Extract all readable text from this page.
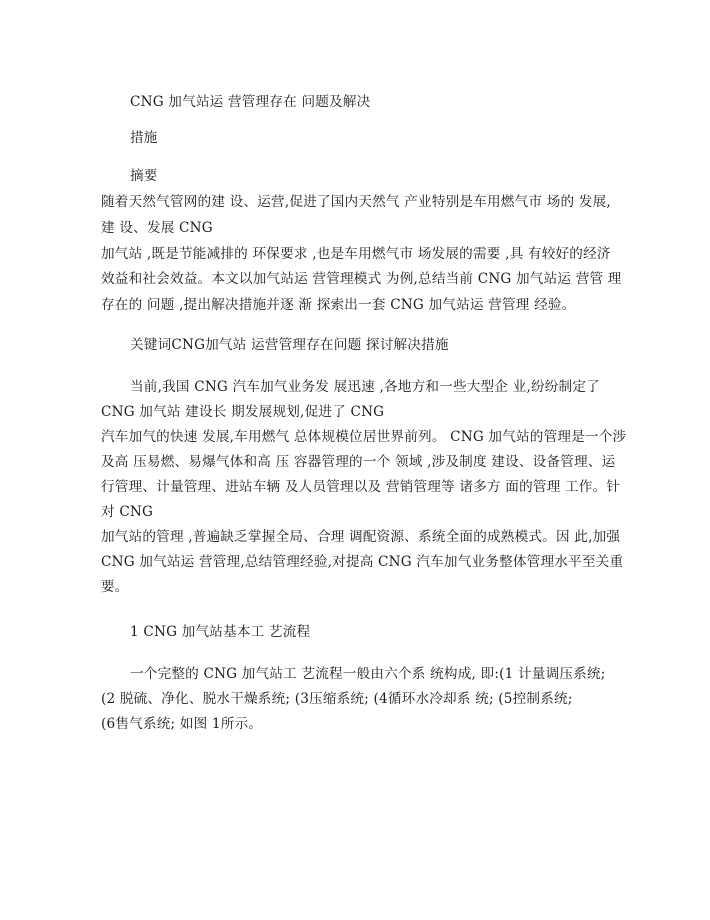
CNG 加气站运 营管理存在 问题及解决
措施
摘要
随着天然气管网的建 设、运营,促进了国内天然气 产业特别是车用燃气市 场的 发展,
建 设、发展 CNG
加气站 ,既是节能减排的 环保要求 ,也是车用燃气市 场发展的需要 ,具 有较好的经济
效益和社会效益。本文以加气站运 营管理模式 为例,总结当前 CNG 加气站运 营管 理
存在的 问题 ,提出解决措施并逐 渐 探索出一套 CNG 加气站运 营管理 经验。
关键词CNG加气站 运营管理存在问题 探讨解决措施
当前,我国 CNG 汽车加气业务发 展迅速 ,各地方和一些大型企 业,纷纷制定了
CNG 加气站 建设长 期发展规划,促进了 CNG
汽车加气的快速 发展,车用燃气 总体规模位居世界前列。 CNG 加气站的管理是一个涉
及高 压易燃、易爆气体和高 压 容器管理的一个 领域 ,涉及制度 建设、设备管理、运
行管理、计量管理、进站车辆 及人员管理以及 营销管理等 诸多方 面的管理 工作。针
对 CNG
加气站的管理 ,普遍缺乏掌握全局、合理 调配资源、系统全面的成熟模式。因 此,加强
CNG 加气站运 营管理,总结管理经验,对提高 CNG 汽车加气业务整体管理水平至关重
要。
1 CNG 加气站基本工 艺流程
一个完整的 CNG 加气站工 艺流程一般由六个系 统构成, 即:(1 计量调压系统;
(2 脱硫、净化、脱水干燥系统; (3压缩系统; (4循环水冷却系 统; (5控制系统;
(6售气系统; 如图 1所示。
